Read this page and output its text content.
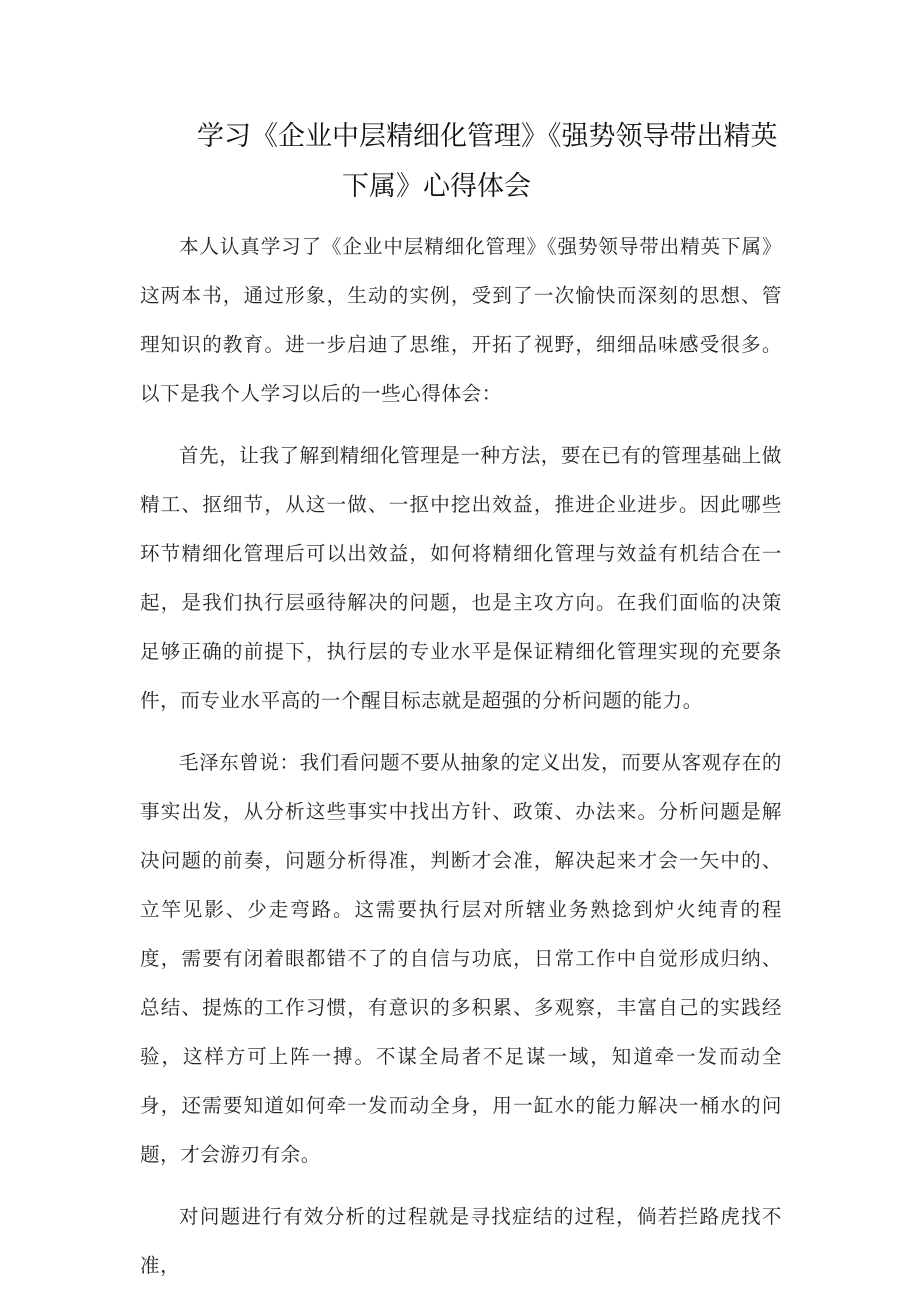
学习《企业中层精细化管理》《强势领导带出精英
下属》心得体会

本人认真学习了《企业中层精细化管理》《强势领导带出精英下属》这两本书，通过形象，生动的实例，受到了一次愉快而深刻的思想、管理知识的教育。进一步启迪了思维，开拓了视野，细细品味感受很多。以下是我个人学习以后的一些心得体会：

首先，让我了解到精细化管理是一种方法，要在已有的管理基础上做精工、抠细节，从这一做、一抠中挖出效益，推进企业进步。因此哪些环节精细化管理后可以出效益，如何将精细化管理与效益有机结合在一起，是我们执行层亟待解决的问题，也是主攻方向。在我们面临的决策足够正确的前提下，执行层的专业水平是保证精细化管理实现的充要条件，而专业水平高的一个醒目标志就是超强的分析问题的能力。

毛泽东曾说：我们看问题不要从抽象的定义出发，而要从客观存在的事实出发，从分析这些事实中找出方针、政策、办法来。分析问题是解决问题的前奏，问题分析得准，判断才会准，解决起来才会一矢中的、立竿见影、少走弯路。这需要执行层对所辖业务熟捻到炉火纯青的程度，需要有闭着眼都错不了的自信与功底，日常工作中自觉形成归纳、总结、提炼的工作习惯，有意识的多积累、多观察，丰富自己的实践经验，这样方可上阵一搏。不谋全局者不足谋一域，知道牵一发而动全身，还需要知道如何牵一发而动全身，用一缸水的能力解决一桶水的问题，才会游刃有余。

对问题进行有效分析的过程就是寻找症结的过程，倘若拦路虎找不准，
